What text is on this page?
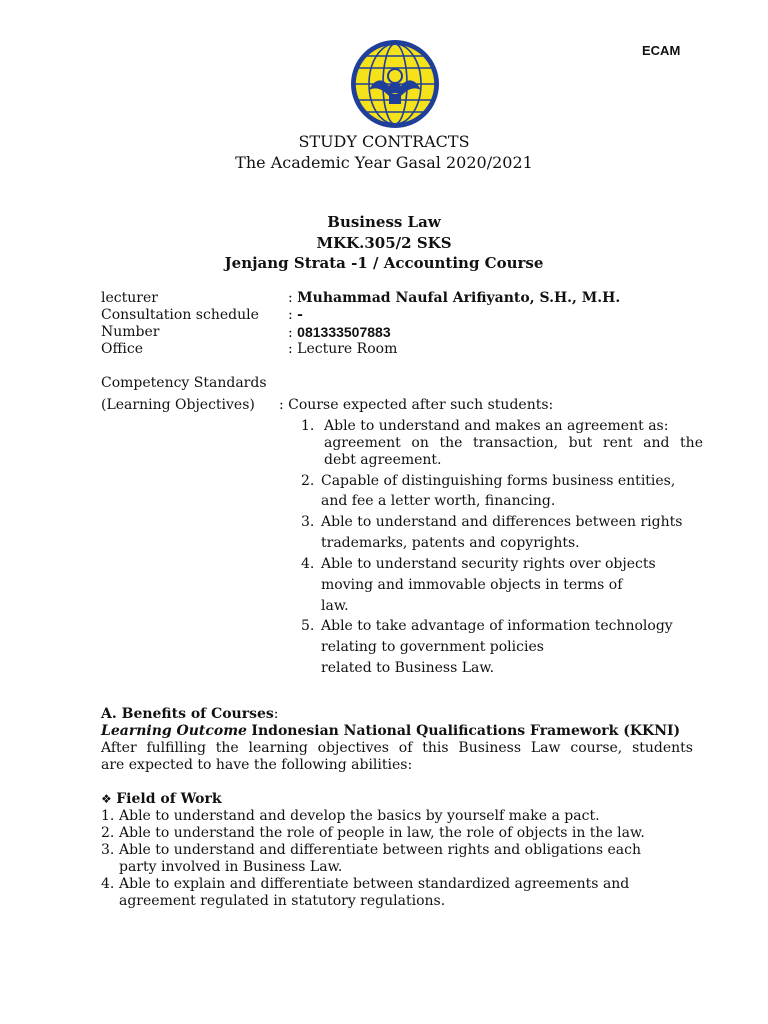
ECAM
STUDY CONTRACTS
The Academic Year Gasal 2020/2021
Business Law
MKK.305/2 SKS
Jenjang Strata -1 / Accounting Course
lecturer	: Muhammad Naufal Arifiyanto, S.H., M.H.
Consultation schedule : -
Number	: 081333507883
Office	: Lecture Room
Competency Standards
(Learning Objectives) : Course expected after such students:
1. Able to understand and makes an agreement as:
agreement on the transaction, but rent and the
debt agreement.
2. Capable of distinguishing forms business entities,
and fee a letter worth, financing.
3. Able to understand and differences between rights
trademarks, patents and copyrights.
4. Able to understand security rights over objects
moving and immovable objects in terms of
law.
5. Able to take advantage of information technology
relating to government policies
related to Business Law.
A. Benefits of Courses:
Learning Outcome Indonesian National Qualifications Framework (KKNI)
After fulfilling the learning objectives of this Business Law course, students
are expected to have the following abilities:
❖ Field of Work
1. Able to understand and develop the basics by yourself make a pact.
2. Able to understand the role of people in law, the role of objects in the law.
3. Able to understand and differentiate between rights and obligations each
party involved in Business Law.
4. Able to explain and differentiate between standardized agreements and
agreement regulated in statutory regulations.
